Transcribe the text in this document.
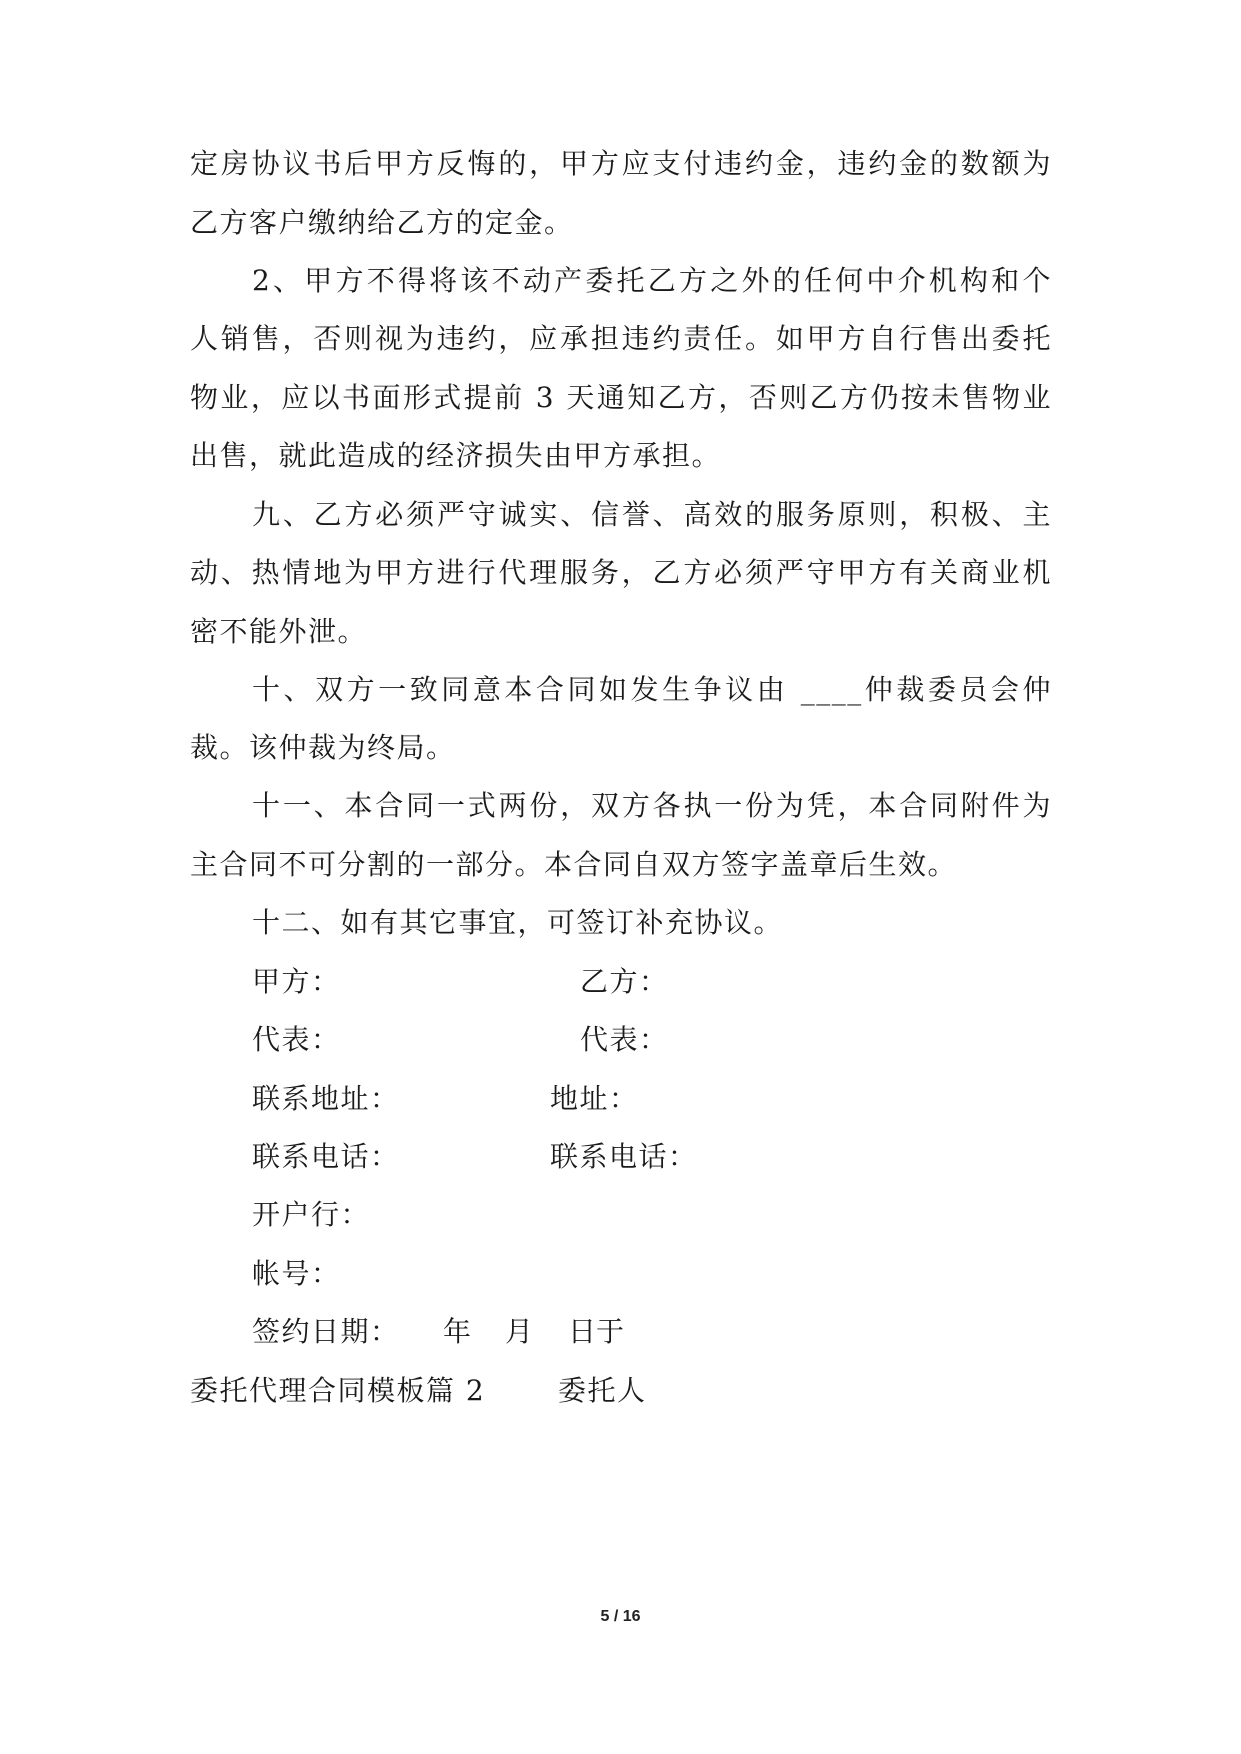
定房协议书后甲方反悔的，甲方应支付违约金，违约金的数额为
乙方客户缴纳给乙方的定金。
2、甲方不得将该不动产委托乙方之外的任何中介机构和个
人销售，否则视为违约，应承担违约责任。如甲方自行售出委托
物业，应以书面形式提前 3 天通知乙方，否则乙方仍按未售物业
出售，就此造成的经济损失由甲方承担。
九、乙方必须严守诚实、信誉、高效的服务原则，积极、主
动、热情地为甲方进行代理服务，乙方必须严守甲方有关商业机
密不能外泄。
十、双方一致同意本合同如发生争议由 ____仲裁委员会仲
裁。该仲裁为终局。
十一、本合同一式两份，双方各执一份为凭，本合同附件为
主合同不可分割的一部分。本合同自双方签字盖章后生效。
十二、如有其它事宜，可签订补充协议。
甲方：	乙方：
代表：	代表：
联系地址：	地址：
联系电话：	联系电话：
开户行：
帐号：
签约日期： 年 月 日于
委托代理合同模板篇 2	委托人
5 / 16
